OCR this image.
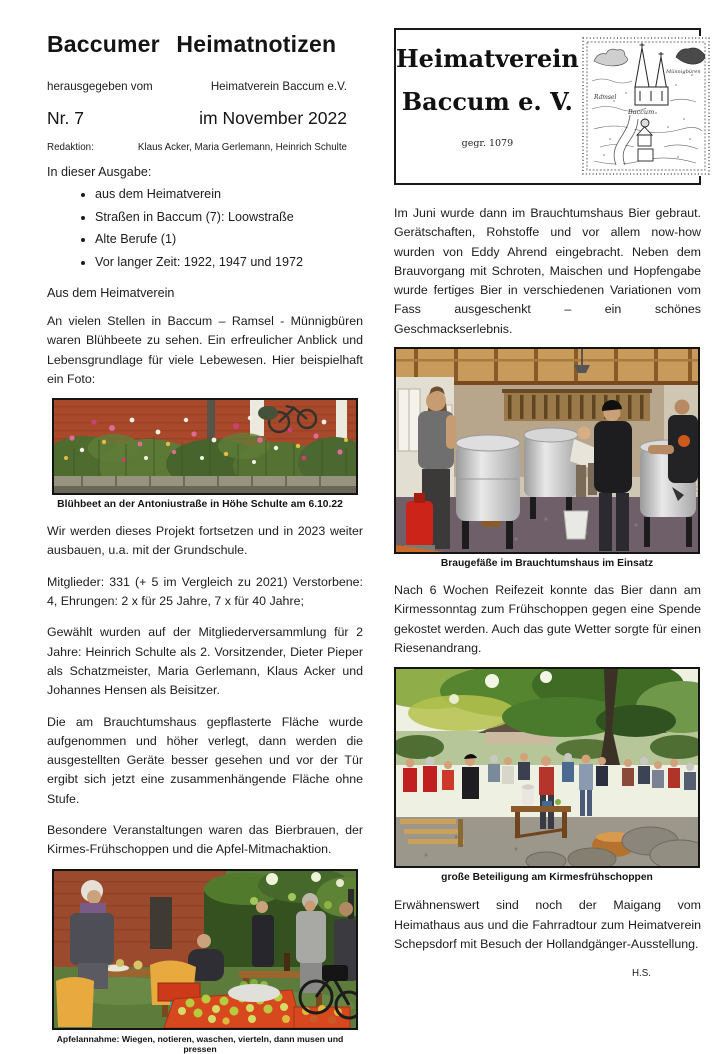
Baccumer Heimatnotizen
herausgegeben vom	Heimatverein Baccum e.V.
Nr. 7	im November 2022
Redaktion:	Klaus Acker, Maria Gerlemann, Heinrich Schulte
In dieser Ausgabe:
• aus dem Heimatverein
• Straßen in Baccum (7): Loowstraße
• Alte Berufe (1)
• Vor langer Zeit: 1922, 1947 und 1972
Aus dem Heimatverein

An vielen Stellen in Baccum – Ramsel - Münnigbüren waren Blühbeete zu sehen. Ein erfreulicher Anblick und Lebensgrundlage für viele Lebewesen. Hier beispielhaft ein Foto:

Blühbeet an der Antoniustraße in Höhe Schulte am 6.10.22

Wir werden dieses Projekt fortsetzen und in 2023 weiter ausbauen, u.a. mit der Grundschule.

Mitglieder: 331 (+ 5 im Vergleich zu 2021) Verstorbene: 4, Ehrungen: 2 x für 25 Jahre, 7 x für 40 Jahre;

Gewählt wurden auf der Mitgliederversammlung für 2 Jahre: Heinrich Schulte als 2. Vorsitzender, Dieter Pieper als Schatzmeister, Maria Gerlemann, Klaus Acker und Johannes Hensen als Beisitzer.

Die am Brauchtumshaus gepflasterte Fläche wurde aufgenommen und höher verlegt, dann werden die ausgestellten Geräte besser gesehen und vor der Tür ergibt sich jetzt eine zusammenhängende Fläche ohne Stufe.

Besondere Veranstaltungen waren das Bierbrauen, der Kirmes-Frühschoppen und die Apfel-Mitmachaktion.

Apfelannahme: Wiegen, notieren, waschen, vierteln, dann musen und pressen
Heimatverein
Baccum e. V.
gegr. 1079
Ramsel
Baccum
Münnigbüren

Im Juni wurde dann im Brauchtumshaus Bier gebraut. Gerätschaften, Rohstoffe und vor allem now-how wurden von Eddy Ahrend eingebracht. Neben dem Brauvorgang mit Schroten, Maischen und Hopfengabe wurde fertiges Bier in verschiedenen Variationen vom Fass ausgeschenkt – ein schönes Geschmackserlebnis.

Braugefäße im Brauchtumshaus im Einsatz

Nach 6 Wochen Reifezeit konnte das Bier dann am Kirmessonntag zum Frühschoppen gegen eine Spende gekostet werden. Auch das gute Wetter sorgte für einen Riesenandrang.

große Beteiligung am Kirmesfrühschoppen

Erwähnenswert sind noch der Maigang vom Heimathaus aus und die Fahrradtour zum Heimatverein Schepsdorf mit Besuch der Hollandgänger-Ausstellung.

H.S.
